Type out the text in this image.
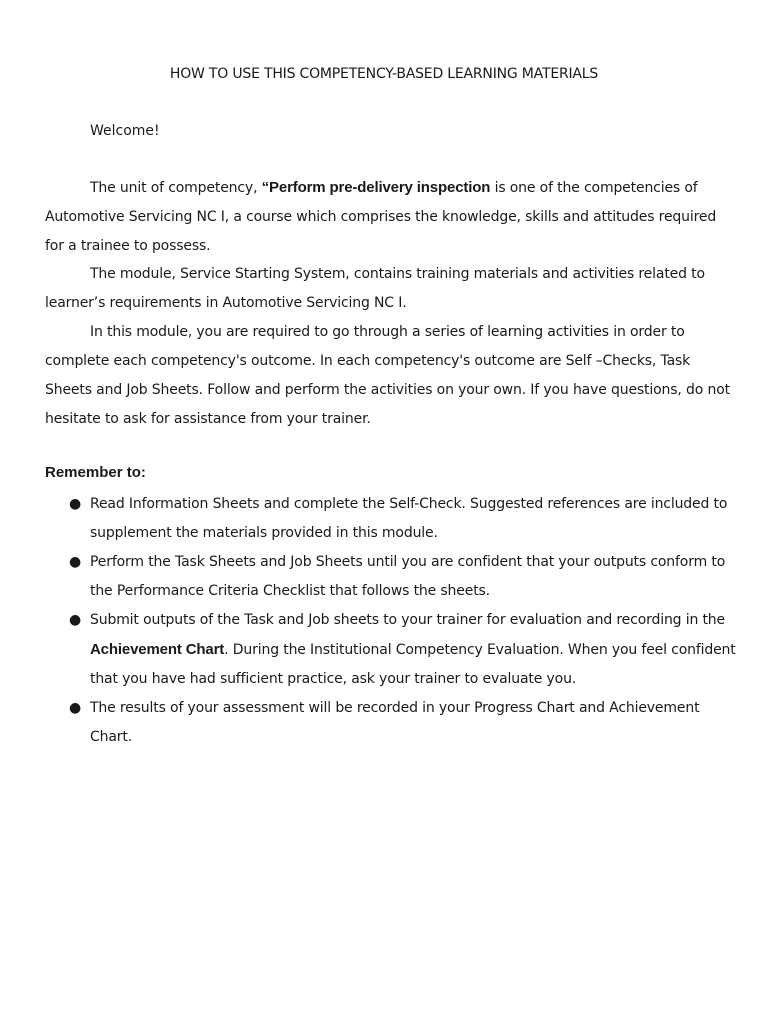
HOW TO USE THIS COMPETENCY-BASED LEARNING MATERIALS
Welcome!
The unit of competency, “Perform pre-delivery inspection is one of the competencies of Automotive Servicing NC I, a course which comprises the knowledge, skills and attitudes required for a trainee to possess.
The module, Service Starting System, contains training materials and activities related to learner’s requirements in Automotive Servicing NC I.
In this module, you are required to go through a series of learning activities in order to complete each competency's outcome. In each competency's outcome are Self –Checks, Task Sheets and Job Sheets. Follow and perform the activities on your own. If you have questions, do not hesitate to ask for assistance from your trainer.
Remember to:
● Read Information Sheets and complete the Self-Check. Suggested references are included to supplement the materials provided in this module.
● Perform the Task Sheets and Job Sheets until you are confident that your outputs conform to the Performance Criteria Checklist that follows the sheets.
● Submit outputs of the Task and Job sheets to your trainer for evaluation and recording in the Achievement Chart. During the Institutional Competency Evaluation. When you feel confident that you have had sufficient practice, ask your trainer to evaluate you.
● The results of your assessment will be recorded in your Progress Chart and Achievement Chart.
